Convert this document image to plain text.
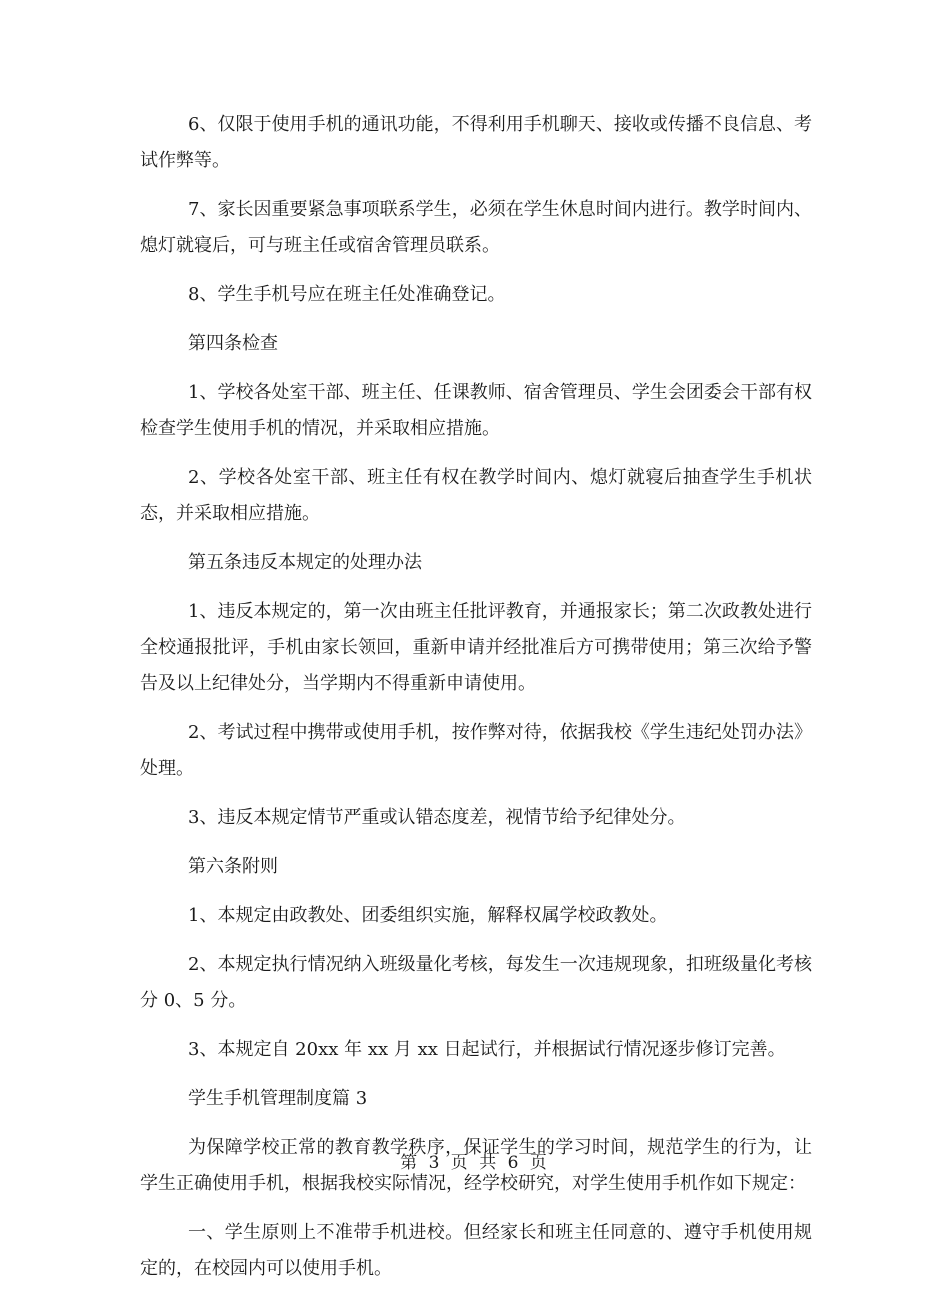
6、仅限于使用手机的通讯功能，不得利用手机聊天、接收或传播不良信息、考试作弊等。

7、家长因重要紧急事项联系学生，必须在学生休息时间内进行。教学时间内、熄灯就寝后，可与班主任或宿舍管理员联系。

8、学生手机号应在班主任处准确登记。

第四条检查

1、学校各处室干部、班主任、任课教师、宿舍管理员、学生会团委会干部有权检查学生使用手机的情况，并采取相应措施。

2、学校各处室干部、班主任有权在教学时间内、熄灯就寝后抽查学生手机状态，并采取相应措施。

第五条违反本规定的处理办法

1、违反本规定的，第一次由班主任批评教育，并通报家长；第二次政教处进行全校通报批评，手机由家长领回，重新申请并经批准后方可携带使用；第三次给予警告及以上纪律处分，当学期内不得重新申请使用。

2、考试过程中携带或使用手机，按作弊对待，依据我校《学生违纪处罚办法》处理。

3、违反本规定情节严重或认错态度差，视情节给予纪律处分。

第六条附则

1、本规定由政教处、团委组织实施，解释权属学校政教处。

2、本规定执行情况纳入班级量化考核，每发生一次违规现象，扣班级量化考核分 0、5 分。

3、本规定自 20xx 年 xx 月 xx 日起试行，并根据试行情况逐步修订完善。

学生手机管理制度篇 3

为保障学校正常的教育教学秩序，保证学生的学习时间，规范学生的行为，让学生正确使用手机，根据我校实际情况，经学校研究，对学生使用手机作如下规定：

一、学生原则上不准带手机进校。但经家长和班主任同意的、遵守手机使用规定的，在校园内可以使用手机。

第 3 页 共 6 页
